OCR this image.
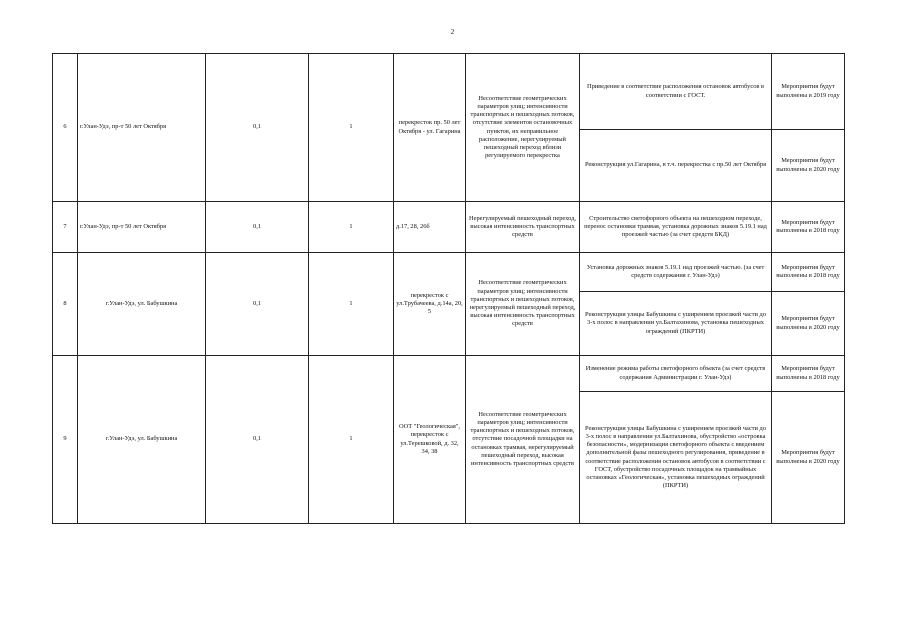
2
6	г.Улан-Удэ, пр-т 50 лет Октября	0,1	1	перекресток пр. 50 лет Октября - ул. Гагарина	Несоответствие геометрических параметров улиц; интенсивности транспортных и пешеходных потоков, отсутствие элементов остановочных пунктов, их неправильное расположение, нерегулируемый пешеходный переход вблизи регулируемого перекрестка	Приведение в соответствие расположения остановок автобусов в соответствии с ГОСТ.	Мероприятия будут выполнены в 2019 году
						Реконструкция ул.Гагарина, в т.ч. перекрестка с пр.50 лет Октября	Мероприятия будут выполнены в 2020 году
7	г.Улан-Удэ, пр-т 50 лет Октября	0,1	1	д.17, 28, 26б	Нерегулируемый пешеходный переход, высокая интенсивность транспортных средств	Строительство светофорного объекта на пешеходном переходе, перенос остановки трамвая, установка дорожных знаков 5.19.1 над проезжей частью (за счет средств БКД)	Мероприятия будут выполнены в 2018 году
8	г.Улан-Удэ, ул. Бабушкина	0,1	1	перекресток с ул.Трубачеева, д.14а, 20, 5	Несоответствие геометрических параметров улиц; интенсивности транспортных и пешеходных потоков, нерегулируемый пешеходный переход, высокая интенсивность транспортных средств	Установка дорожных знаков 5.19.1 над проезжей частью. (за счет средств содержания г. Улан-Удэ)	Мероприятия будут выполнены в 2018 году
						Реконструкция улицы Бабушкина с уширением проезжей части до 3-х полос в направлении ул.Балтахинова, установка пешеходных ограждений (ПКРТИ)	Мероприятия будут выполнены в 2020 году
9	г.Улан-Удэ, ул. Бабушкина	0,1	1	ООТ "Геологическая", перекресток с ул.Терешковой, д. 32, 34, 38	Несоответствие геометрических параметров улиц; интенсивности транспортных и пешеходных потоков, отсутствие посадочной площадки на остановках трамвая, нерегулируемый пешеходный переход, высокая интенсивность транспортных средств	Изменение режима работы светофорного объекта (за счет средств содержания Администрации г. Улан-Удэ)	Мероприятия будут выполнены в 2018 году
						Реконструкция улицы Бабушкина с уширением проезжей части до 3-х полос в направлении ул.Балтахинова, обустройство «островка безопасности», модернизация светофорного объекта с введением дополнительной фазы пешеходного регулирования, приведение в соответствие расположения остановок автобусов в соответствии с ГОСТ, обустройство посадочных площадок на трамвайных остановках «Геологическая», установка пешеходных ограждений (ПКРТИ)	Мероприятия будут выполнены в 2020 году
